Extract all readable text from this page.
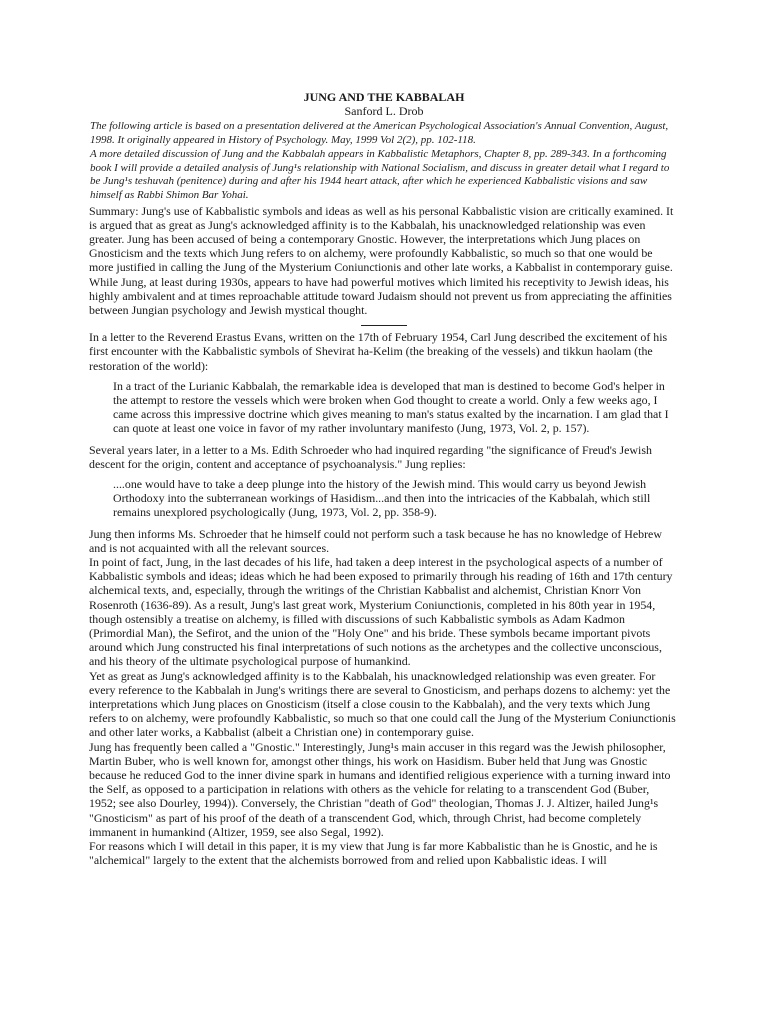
JUNG AND THE KABBALAH
Sanford L. Drob

The following article is based on a presentation delivered at the American Psychological Association's Annual Convention, August, 1998. It originally appeared in History of Psychology. May, 1999 Vol 2(2), pp. 102-118.

A more detailed discussion of Jung and the Kabbalah appears in Kabbalistic Metaphors, Chapter 8, pp. 289-343. In a forthcoming book I will provide a detailed analysis of Jung¹s relationship with National Socialism, and discuss in greater detail what I regard to be Jung¹s teshuvah (penitence) during and after his 1944 heart attack, after which he experienced Kabbalistic visions and saw himself as Rabbi Shimon Bar Yohai.

Summary: Jung's use of Kabbalistic symbols and ideas as well as his personal Kabbalistic vision are critically examined. It is argued that as great as Jung's acknowledged affinity is to the Kabbalah, his unacknowledged relationship was even greater. Jung has been accused of being a contemporary Gnostic. However, the interpretations which Jung places on Gnosticism and the texts which Jung refers to on alchemy, were profoundly Kabbalistic, so much so that one would be more justified in calling the Jung of the Mysterium Coniunctionis and other late works, a Kabbalist in contemporary guise. While Jung, at least during 1930s, appears to have had powerful motives which limited his receptivity to Jewish ideas, his highly ambivalent and at times reproachable attitude toward Judaism should not prevent us from appreciating the affinities between Jungian psychology and Jewish mystical thought.

In a letter to the Reverend Erastus Evans, written on the 17th of February 1954, Carl Jung described the excitement of his first encounter with the Kabbalistic symbols of Shevirat ha-Kelim (the breaking of the vessels) and tikkun haolam (the restoration of the world):

In a tract of the Lurianic Kabbalah, the remarkable idea is developed that man is destined to become God's helper in the attempt to restore the vessels which were broken when God thought to create a world. Only a few weeks ago, I came across this impressive doctrine which gives meaning to man's status exalted by the incarnation. I am glad that I can quote at least one voice in favor of my rather involuntary manifesto (Jung, 1973, Vol. 2, p. 157).

Several years later, in a letter to a Ms. Edith Schroeder who had inquired regarding "the significance of Freud's Jewish descent for the origin, content and acceptance of psychoanalysis." Jung replies:

....one would have to take a deep plunge into the history of the Jewish mind. This would carry us beyond Jewish Orthodoxy into the subterranean workings of Hasidism...and then into the intricacies of the Kabbalah, which still remains unexplored psychologically (Jung, 1973, Vol. 2, pp. 358-9).

Jung then informs Ms. Schroeder that he himself could not perform such a task because he has no knowledge of Hebrew and is not acquainted with all the relevant sources.

In point of fact, Jung, in the last decades of his life, had taken a deep interest in the psychological aspects of a number of Kabbalistic symbols and ideas; ideas which he had been exposed to primarily through his reading of 16th and 17th century alchemical texts, and, especially, through the writings of the Christian Kabbalist and alchemist, Christian Knorr Von Rosenroth (1636-89). As a result, Jung's last great work, Mysterium Coniunctionis, completed in his 80th year in 1954, though ostensibly a treatise on alchemy, is filled with discussions of such Kabbalistic symbols as Adam Kadmon (Primordial Man), the Sefirot, and the union of the "Holy One" and his bride. These symbols became important pivots around which Jung constructed his final interpretations of such notions as the archetypes and the collective unconscious, and his theory of the ultimate psychological purpose of humankind.

Yet as great as Jung's acknowledged affinity is to the Kabbalah, his unacknowledged relationship was even greater. For every reference to the Kabbalah in Jung's writings there are several to Gnosticism, and perhaps dozens to alchemy: yet the interpretations which Jung places on Gnosticism (itself a close cousin to the Kabbalah), and the very texts which Jung refers to on alchemy, were profoundly Kabbalistic, so much so that one could call the Jung of the Mysterium Coniunctionis and other later works, a Kabbalist (albeit a Christian one) in contemporary guise.

Jung has frequently been called a "Gnostic." Interestingly, Jung¹s main accuser in this regard was the Jewish philosopher, Martin Buber, who is well known for, amongst other things, his work on Hasidism. Buber held that Jung was Gnostic because he reduced God to the inner divine spark in humans and identified religious experience with a turning inward into the Self, as opposed to a participation in relations with others as the vehicle for relating to a transcendent God (Buber, 1952; see also Dourley, 1994)). Conversely, the Christian "death of God" theologian, Thomas J. J. Altizer, hailed Jung¹s "Gnosticism" as part of his proof of the death of a transcendent God, which, through Christ, had become completely immanent in humankind (Altizer, 1959, see also Segal, 1992).

For reasons which I will detail in this paper, it is my view that Jung is far more Kabbalistic than he is Gnostic, and he is "alchemical" largely to the extent that the alchemists borrowed from and relied upon Kabbalistic ideas. I will
